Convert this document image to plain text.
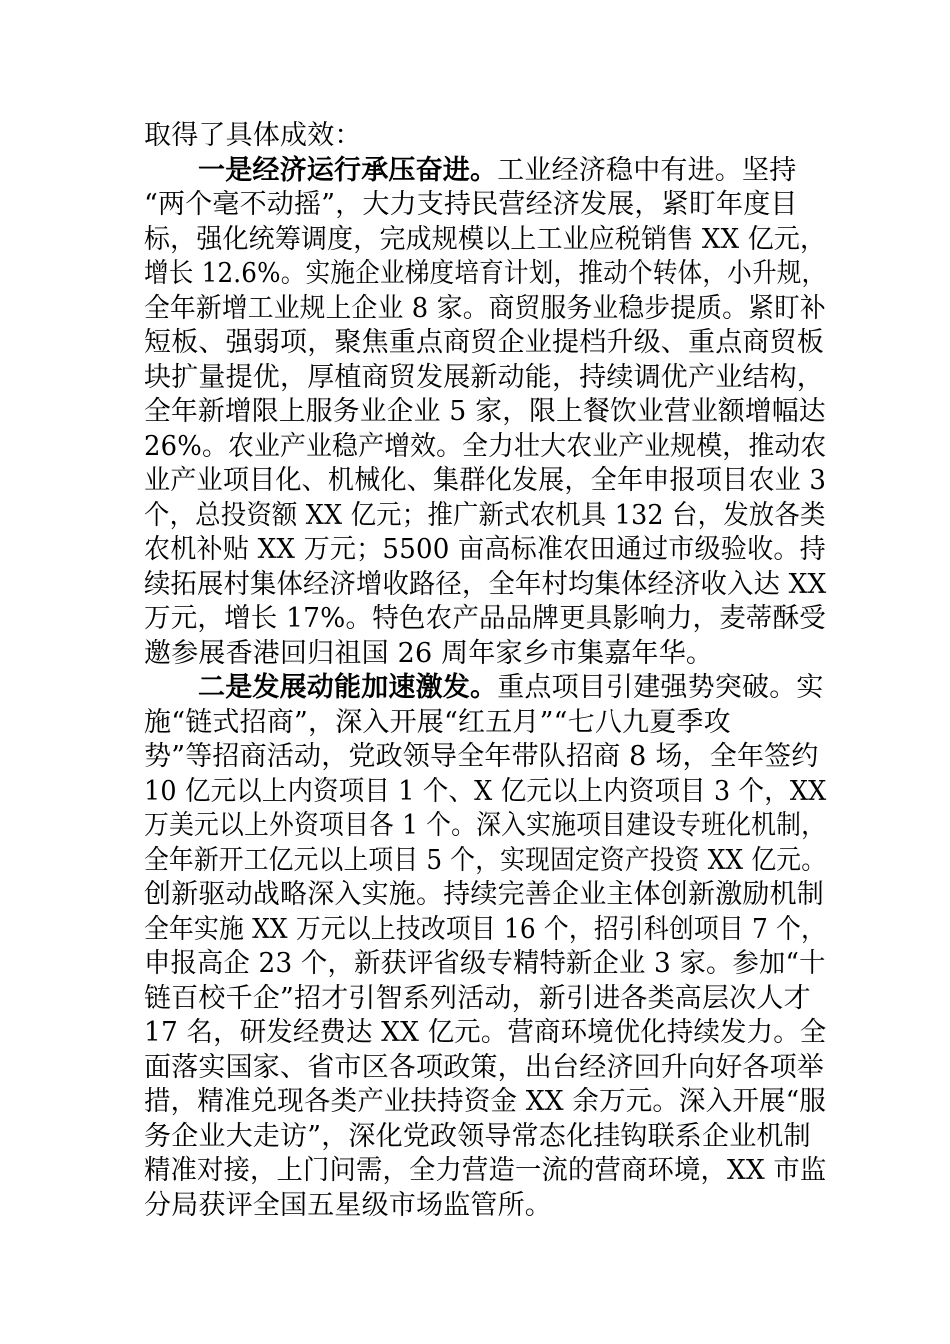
取得了具体成效：
一是经济运行承压奋进。工业经济稳中有进。坚持
“两个毫不动摇”，大力支持民营经济发展，紧盯年度目
标，强化统筹调度，完成规模以上工业应税销售 XX 亿元，
增长 12.6%。实施企业梯度培育计划，推动个转体，小升规，
全年新增工业规上企业 8 家。商贸服务业稳步提质。紧盯补
短板、强弱项，聚焦重点商贸企业提档升级、重点商贸板
块扩量提优，厚植商贸发展新动能，持续调优产业结构，
全年新增限上服务业企业 5 家，限上餐饮业营业额增幅达
26%。农业产业稳产增效。全力壮大农业产业规模，推动农
业产业项目化、机械化、集群化发展，全年申报项目农业 3
个，总投资额 XX 亿元；推广新式农机具 132 台，发放各类
农机补贴 XX 万元；5500 亩高标准农田通过市级验收。持
续拓展村集体经济增收路径，全年村均集体经济收入达 XX
万元，增长 17%。特色农产品品牌更具影响力，麦蒂酥受
邀参展香港回归祖国 26 周年家乡市集嘉年华。
二是发展动能加速激发。重点项目引建强势突破。实
施“链式招商”，深入开展“红五月”“七八九夏季攻
势”等招商活动，党政领导全年带队招商 8 场，全年签约
10 亿元以上内资项目 1 个、X 亿元以上内资项目 3 个，XX
万美元以上外资项目各 1 个。深入实施项目建设专班化机制，
全年新开工亿元以上项目 5 个，实现固定资产投资 XX 亿元。
创新驱动战略深入实施。持续完善企业主体创新激励机制
全年实施 XX 万元以上技改项目 16 个，招引科创项目 7 个，
申报高企 23 个，新获评省级专精特新企业 3 家。参加“十
链百校千企”招才引智系列活动，新引进各类高层次人才
17 名，研发经费达 XX 亿元。营商环境优化持续发力。全
面落实国家、省市区各项政策，出台经济回升向好各项举
措，精准兑现各类产业扶持资金 XX 余万元。深入开展“服
务企业大走访”，深化党政领导常态化挂钩联系企业机制
精准对接，上门问需，全力营造一流的营商环境，XX 市监
分局获评全国五星级市场监管所。
